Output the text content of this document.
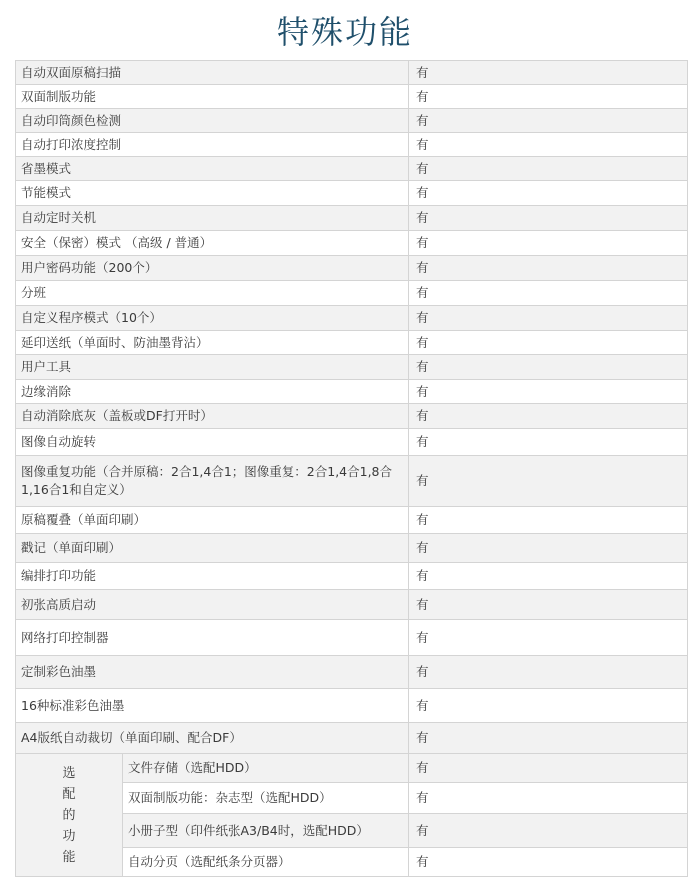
特殊功能
自动双面原稿扫描		有
双面制版功能		有
自动印筒颜色检测		有
自动打印浓度控制		有
省墨模式		有
节能模式		有
自动定时关机		有
安全（保密）模式 （高级 / 普通）		有
用户密码功能（200个）		有
分班		有
自定义程序模式（10个）		有
延印送纸（单面时、防油墨背沾）		有
用户工具		有
边缘消除		有
自动消除底灰（盖板或DF打开时）		有
图像自动旋转		有
图像重复功能（合并原稿：2合1,4合1；图像重复：2合1,4合1,8合1,16合1和自定义）		有
原稿覆叠（单面印刷）		有
戳记（单面印刷）		有
编排打印功能		有
初张高质启动		有
网络打印控制器		有
定制彩色油墨		有
16种标准彩色油墨		有
A4版纸自动裁切（单面印刷、配合DF）		有

选
配
的
功
能	文件存储（选配HDD）	有
	双面制版功能：杂志型（选配HDD）	有
	小册子型（印件纸张A3/B4时，选配HDD）	有
	自动分页（选配纸条分页器）	有
